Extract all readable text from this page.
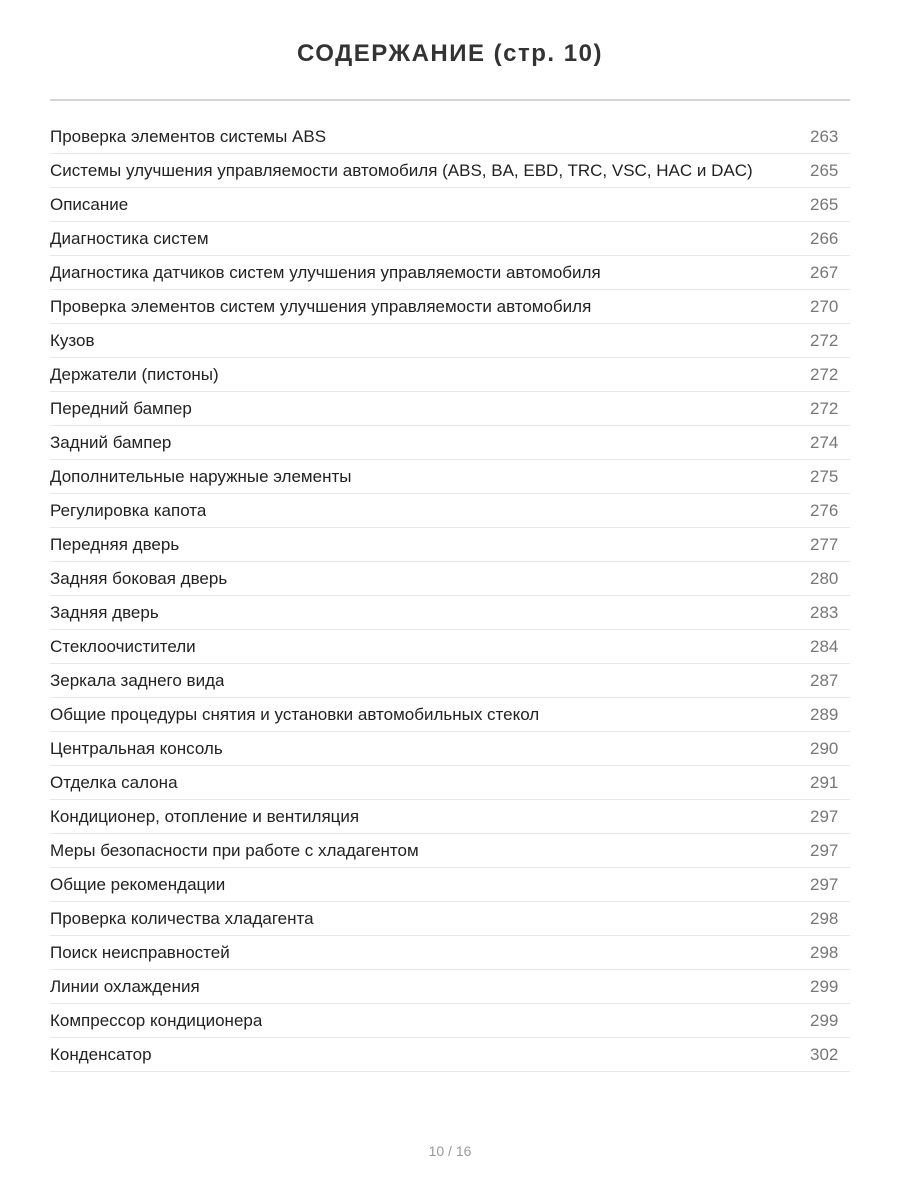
СОДЕРЖАНИЕ (стр. 10)
Проверка элементов системы ABS	263
Системы улучшения управляемости автомобиля (ABS, BA, EBD, TRC, VSC, HAC и DAC)	265
Описание	265
Диагностика систем	266
Диагностика датчиков систем улучшения управляемости автомобиля	267
Проверка элементов систем улучшения управляемости автомобиля	270
Кузов	272
Держатели (пистоны)	272
Передний бампер	272
Задний бампер	274
Дополнительные наружные элементы	275
Регулировка капота	276
Передняя дверь	277
Задняя боковая дверь	280
Задняя дверь	283
Стеклоочистители	284
Зеркала заднего вида	287
Общие процедуры снятия и установки автомобильных стекол	289
Центральная консоль	290
Отделка салона	291
Кондиционер, отопление и вентиляция	297
Меры безопасности при работе с хладагентом	297
Общие рекомендации	297
Проверка количества хладагента	298
Поиск неисправностей	298
Линии охлаждения	299
Компрессор кондиционера	299
Конденсатор	302
10 / 16
